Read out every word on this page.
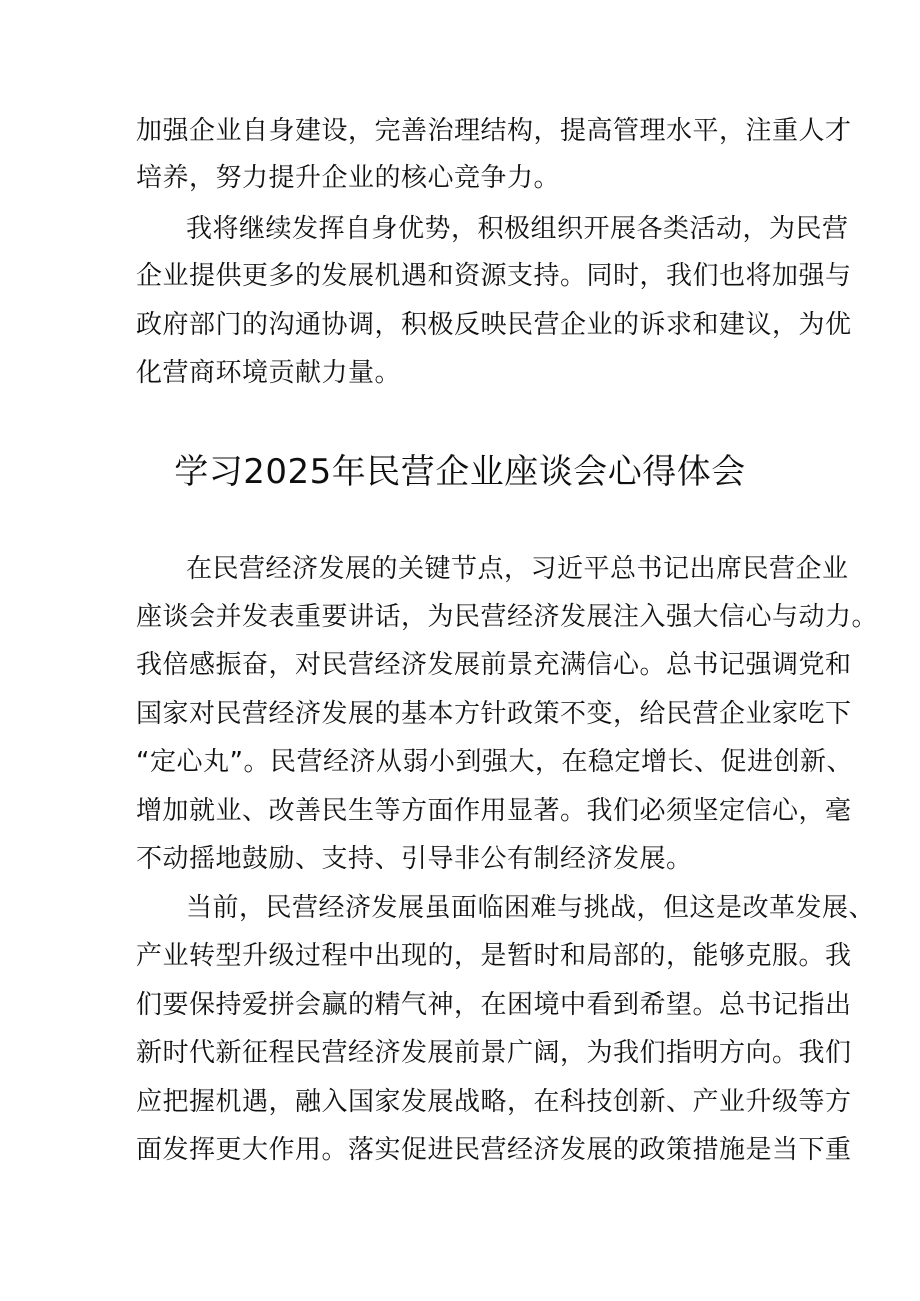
加强企业自身建设，完善治理结构，提高管理水平，注重人才
培养，努力提升企业的核心竞争力。
我将继续发挥自身优势，积极组织开展各类活动，为民营
企业提供更多的发展机遇和资源支持。同时，我们也将加强与
政府部门的沟通协调，积极反映民营企业的诉求和建议，为优
化营商环境贡献力量。
学习2025年民营企业座谈会心得体会
在民营经济发展的关键节点，习近平总书记出席民营企业
座谈会并发表重要讲话，为民营经济发展注入强大信心与动力。
我倍感振奋，对民营经济发展前景充满信心。总书记强调党和
国家对民营经济发展的基本方针政策不变，给民营企业家吃下
“定心丸”。民营经济从弱小到强大，在稳定增长、促进创新、
增加就业、改善民生等方面作用显著。我们必须坚定信心，毫
不动摇地鼓励、支持、引导非公有制经济发展。
当前，民营经济发展虽面临困难与挑战，但这是改革发展、
产业转型升级过程中出现的，是暂时和局部的，能够克服。我
们要保持爱拼会赢的精气神，在困境中看到希望。总书记指出
新时代新征程民营经济发展前景广阔，为我们指明方向。我们
应把握机遇，融入国家发展战略，在科技创新、产业升级等方
面发挥更大作用。落实促进民营经济发展的政策措施是当下重
